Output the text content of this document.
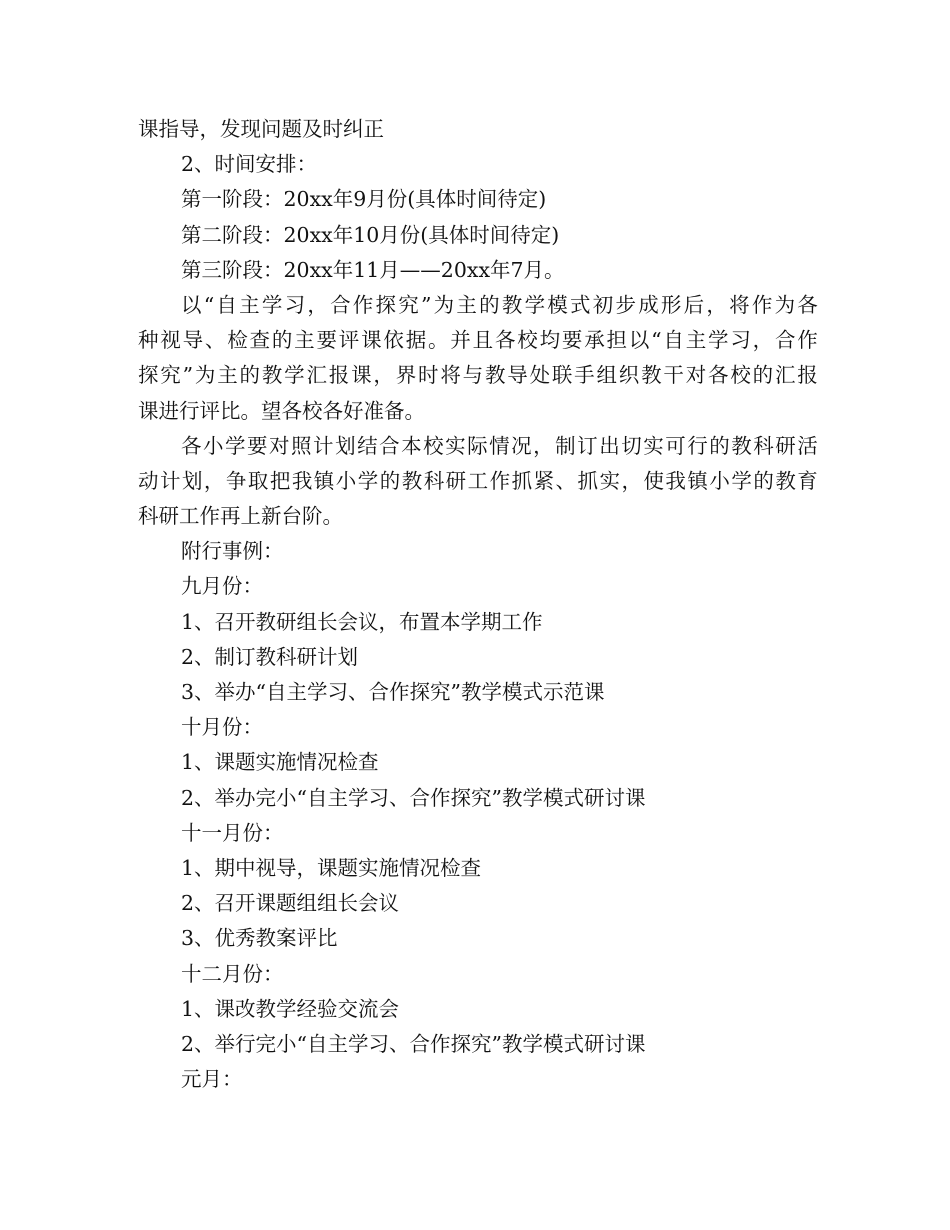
课指导，发现问题及时纠正
2、时间安排：
第一阶段：20xx年9月份(具体时间待定)
第二阶段：20xx年10月份(具体时间待定)
第三阶段：20xx年11月——20xx年7月。
以“自主学习，合作探究”为主的教学模式初步成形后，将作为各
种视导、检查的主要评课依据。并且各校均要承担以“自主学习，合作
探究”为主的教学汇报课，界时将与教导处联手组织教干对各校的汇报
课进行评比。望各校各好准备。
各小学要对照计划结合本校实际情况，制订出切实可行的教科研活
动计划，争取把我镇小学的教科研工作抓紧、抓实，使我镇小学的教育
科研工作再上新台阶。
附行事例：
九月份：
1、召开教研组长会议，布置本学期工作
2、制订教科研计划
3、举办“自主学习、合作探究”教学模式示范课
十月份：
1、课题实施情况检查
2、举办完小“自主学习、合作探究”教学模式研讨课
十一月份：
1、期中视导，课题实施情况检查
2、召开课题组组长会议
3、优秀教案评比
十二月份：
1、课改教学经验交流会
2、举行完小“自主学习、合作探究”教学模式研讨课
元月：
